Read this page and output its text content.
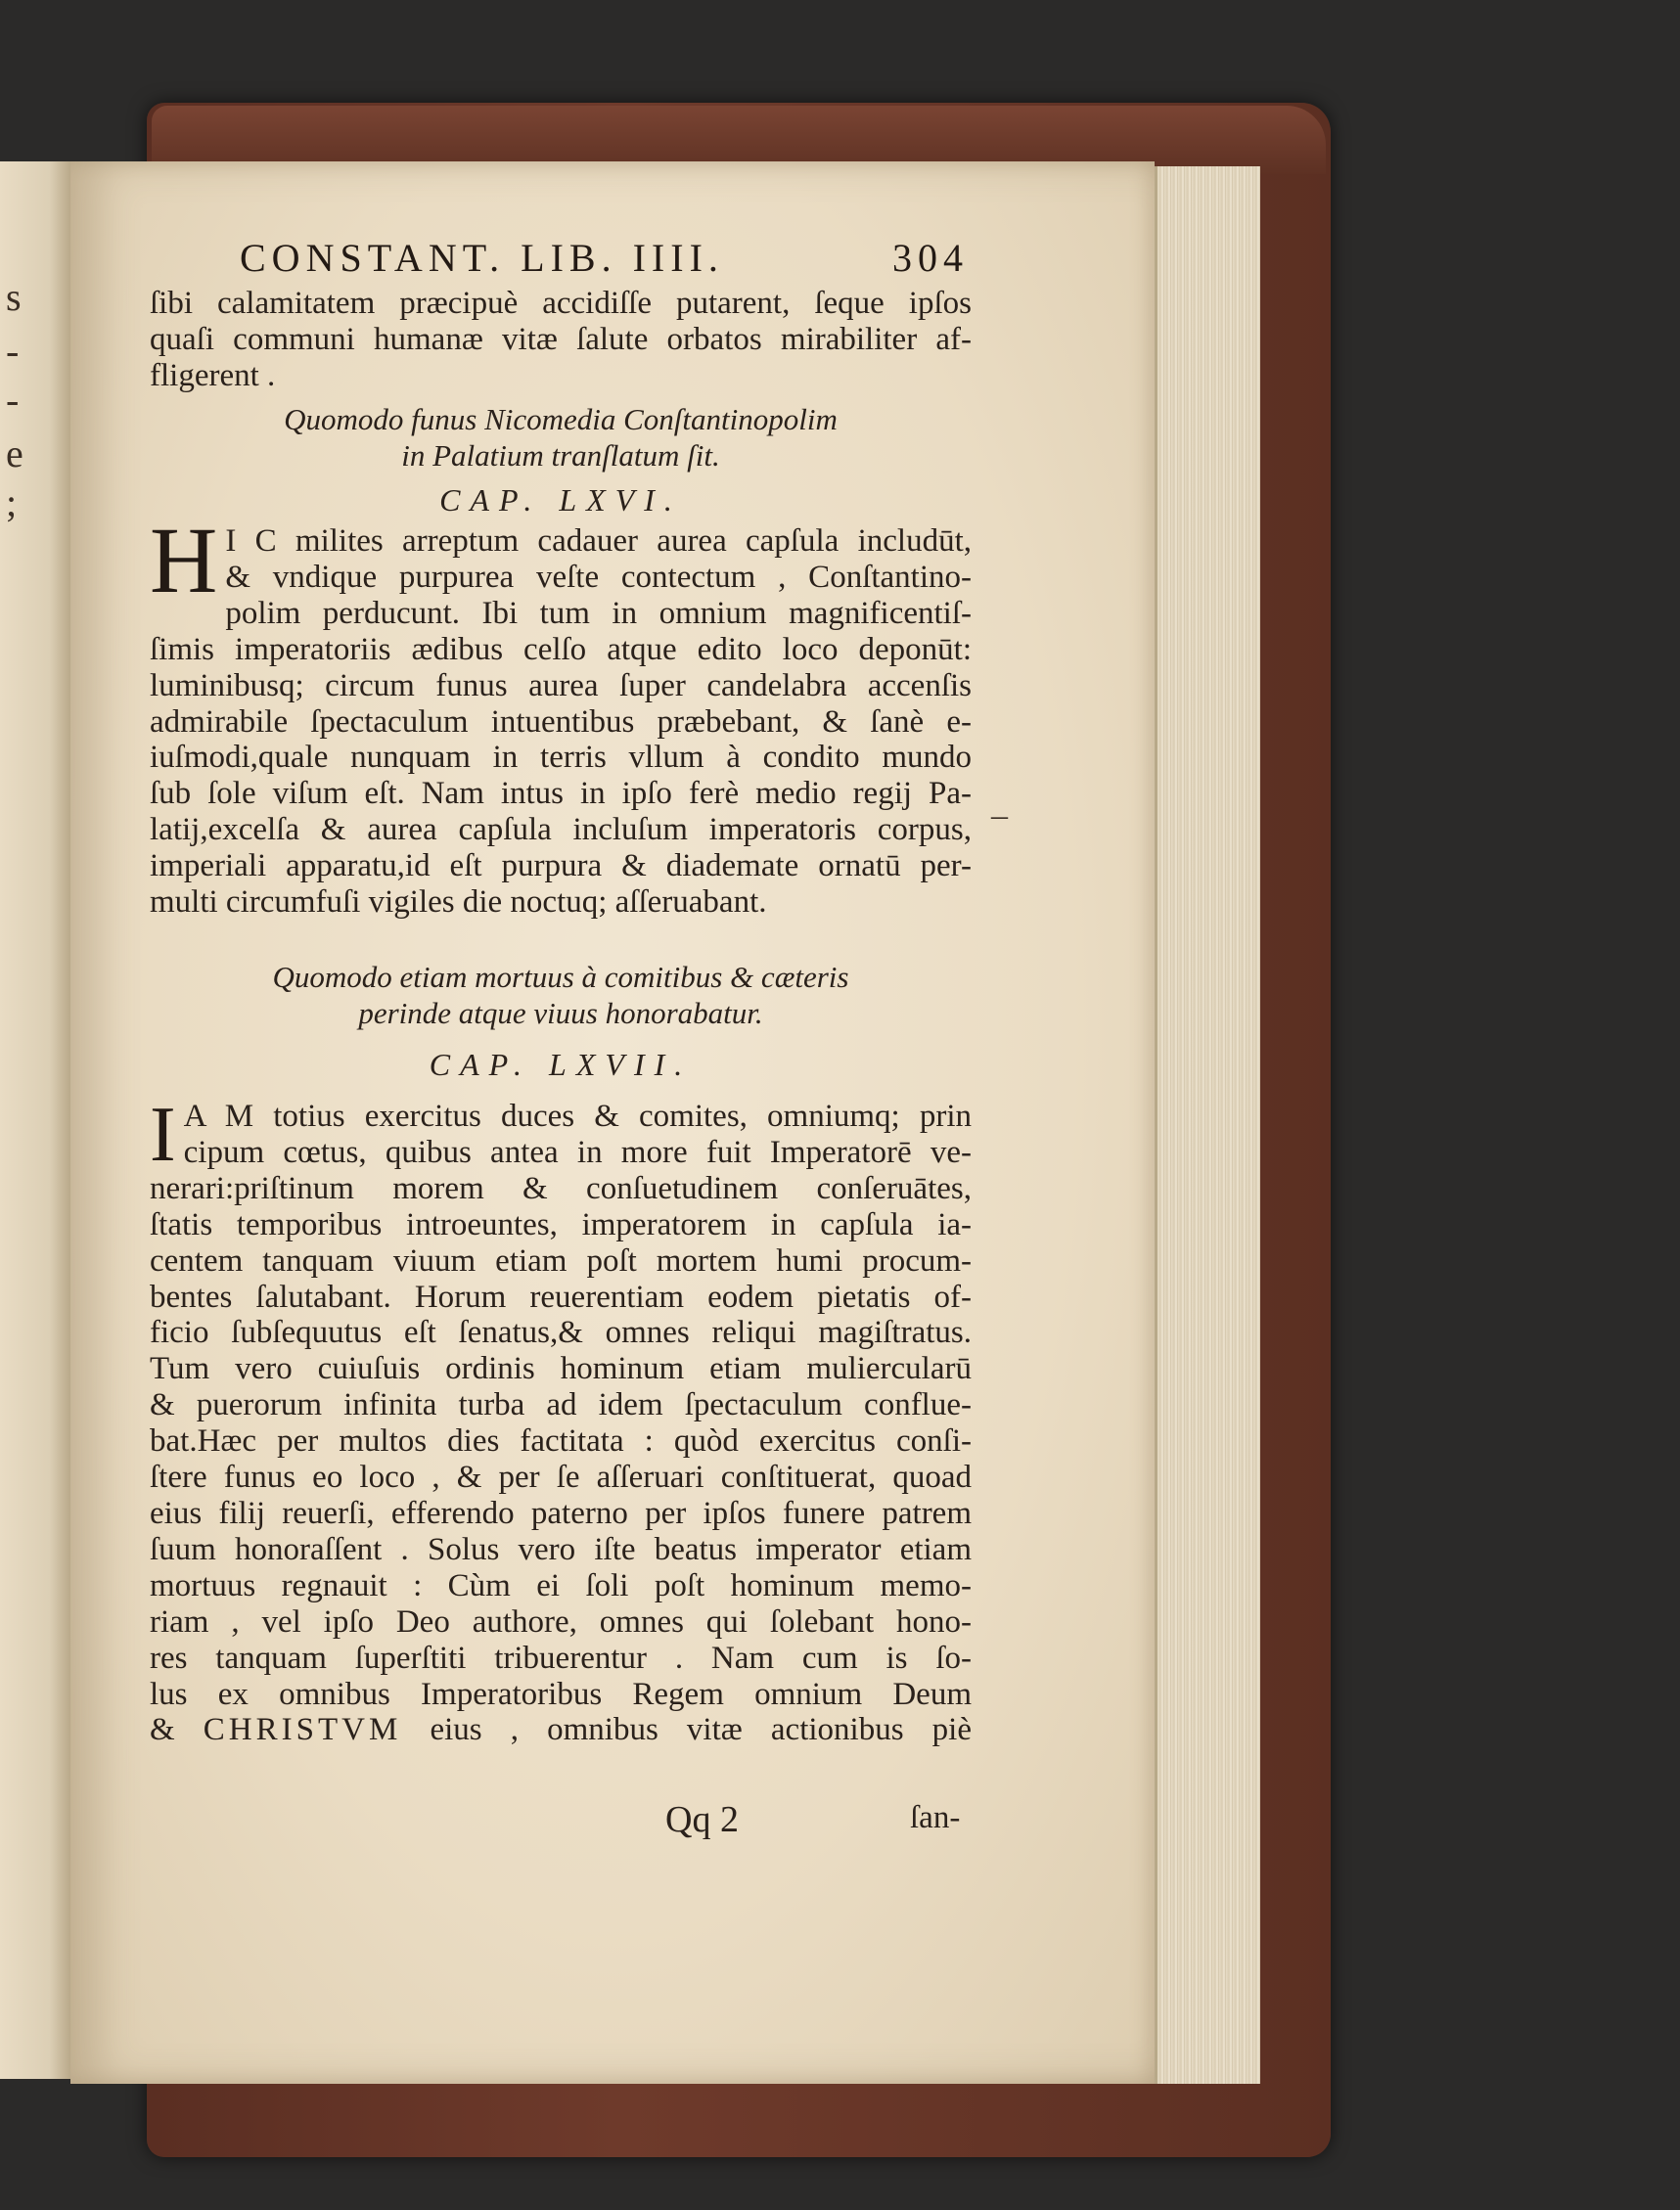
s
-
-
e
;
CONSTANT. LIB. IIII.	304
ſibi calamitatem præcipuè accidiſſe putarent, ſeque ipſos
quaſi communi humanæ vitæ ſalute orbatos mirabiliter af-
fligerent .
Quomodo funus Nicomedia Conſtantinopolim
in Palatium tranſlatum ſit.
CAP. LXVI.
H I C milites arreptum cadauer aurea capſula includūt,
& vndique purpurea veſte contectum , Conſtantino-
polim perducunt. Ibi tum in omnium magnificentiſ-
ſimis imperatoriis ædibus celſo atque edito loco deponūt:
luminibusq; circum funus aurea ſuper candelabra accenſis
admirabile ſpectaculum intuentibus præbebant, & ſanè e-
iuſmodi,quale nunquam in terris vllum à condito mundo
ſub ſole viſum eſt. Nam intus in ipſo ferè medio regij Pa-
latij,excelſa & aurea capſula incluſum imperatoris corpus,
imperiali apparatu,id eſt purpura & diademate ornatū per-
multi circumfuſi vigiles die noctuq; aſſeruabant.
Quomodo etiam mortuus à comitibus & cæteris
perinde atque viuus honorabatur.
CAP. LXVII.
I A M totius exercitus duces & comites, omniumq; prin
cipum cœtus, quibus antea in more fuit Imperatorē ve-
nerari:priſtinum morem & conſuetudinem conſeruātes,
ſtatis temporibus introeuntes, imperatorem in capſula ia-
centem tanquam viuum etiam poſt mortem humi procum-
bentes ſalutabant. Horum reuerentiam eodem pietatis of-
ficio ſubſequutus eſt ſenatus,& omnes reliqui magiſtratus.
Tum vero cuiuſuis ordinis hominum etiam muliercularū
& puerorum infinita turba ad idem ſpectaculum conflue-
bat.Hæc per multos dies factitata : quòd exercitus conſi-
ſtere funus eo loco , & per ſe aſſeruari conſtituerat, quoad
eius filij reuerſi, efferendo paterno per ipſos funere patrem
ſuum honoraſſent . Solus vero iſte beatus imperator etiam
mortuus regnauit : Cùm ei ſoli poſt hominum memo-
riam , vel ipſo Deo authore, omnes qui ſolebant hono-
res tanquam ſuperſtiti tribuerentur . Nam cum is ſo-
lus ex omnibus Imperatoribus Regem omnium Deum
& CHRISTVM eius , omnibus vitæ actionibus piè
Qq 2	ſan-
–
